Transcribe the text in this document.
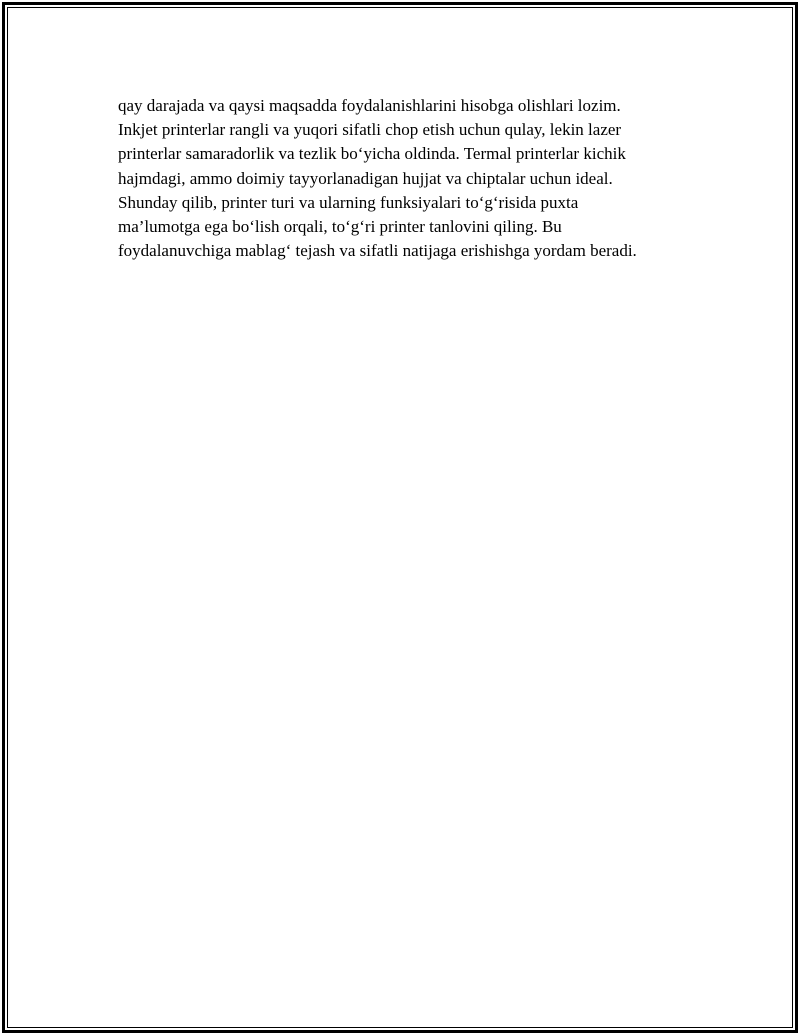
qay darajada va qaysi maqsadda foydalanishlarini hisobga olishlari lozim.
Inkjet printerlar rangli va yuqori sifatli chop etish uchun qulay, lekin lazer
printerlar samaradorlik va tezlik bo‘yicha oldinda. Termal printerlar kichik
hajmdagi, ammo doimiy tayyorlanadigan hujjat va chiptalar uchun ideal.
Shunday qilib, printer turi va ularning funksiyalari to‘g‘risida puxta
ma’lumotga ega bo‘lish orqali, to‘g‘ri printer tanlovini qiling. Bu
foydalanuvchiga mablag‘ tejash va sifatli natijaga erishishga yordam beradi.
